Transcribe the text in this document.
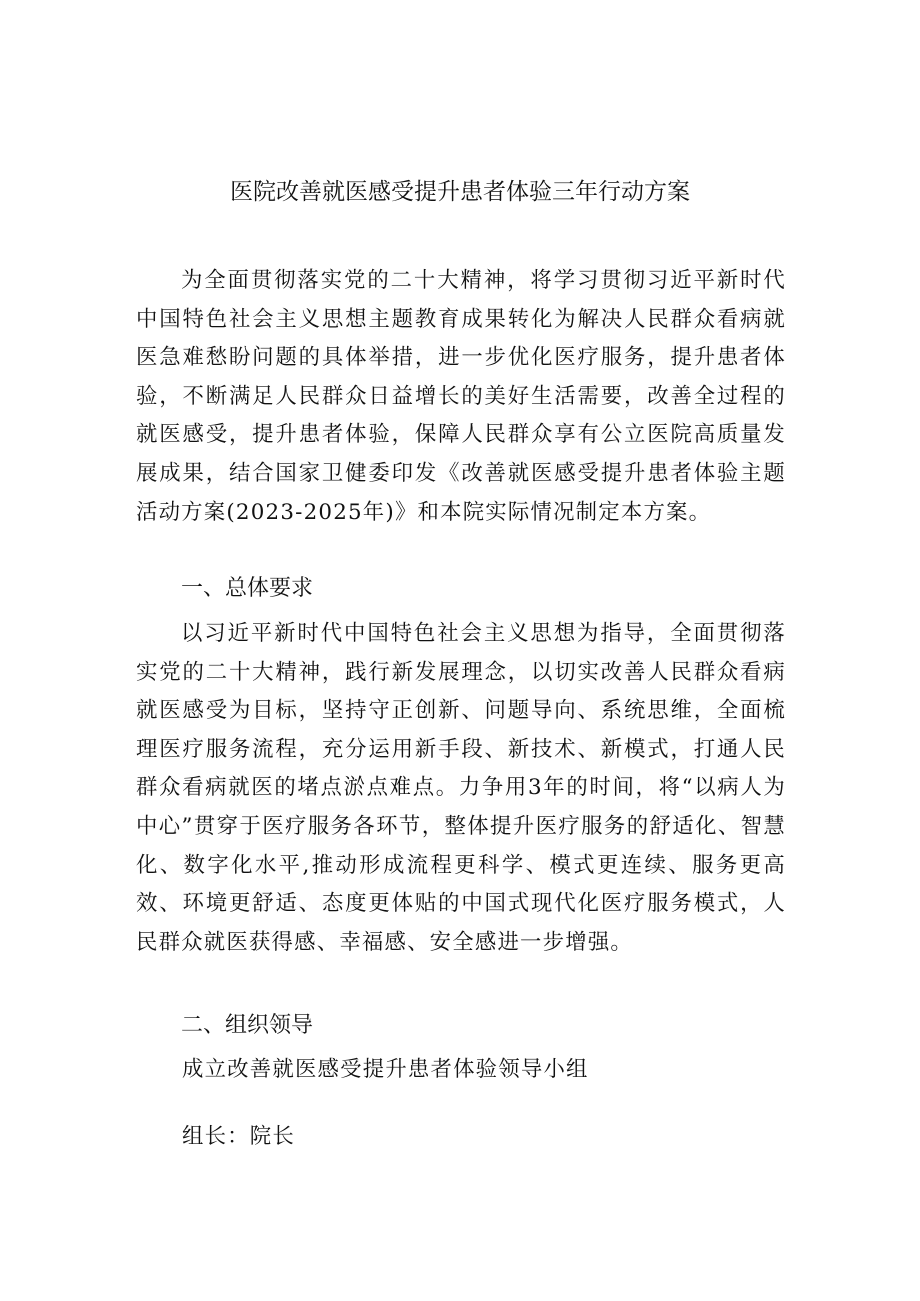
医院改善就医感受提升患者体验三年行动方案

为全面贯彻落实党的二十大精神，将学习贯彻习近平新时代中国特色社会主义思想主题教育成果转化为解决人民群众看病就医急难愁盼问题的具体举措，进一步优化医疗服务，提升患者体验，不断满足人民群众日益增长的美好生活需要，改善全过程的就医感受，提升患者体验，保障人民群众享有公立医院高质量发展成果，结合国家卫健委印发《改善就医感受提升患者体验主题活动方案(2023-2025年)》和本院实际情况制定本方案。

一、总体要求

以习近平新时代中国特色社会主义思想为指导，全面贯彻落实党的二十大精神，践行新发展理念，以切实改善人民群众看病就医感受为目标，坚持守正创新、问题导向、系统思维，全面梳理医疗服务流程，充分运用新手段、新技术、新模式，打通人民群众看病就医的堵点淤点难点。力争用3年的时间，将“以病人为中心”贯穿于医疗服务各环节，整体提升医疗服务的舒适化、智慧化、数字化水平,推动形成流程更科学、模式更连续、服务更高效、环境更舒适、态度更体贴的中国式现代化医疗服务模式，人民群众就医获得感、幸福感、安全感进一步增强。

二、组织领导
成立改善就医感受提升患者体验领导小组
组长：院长
